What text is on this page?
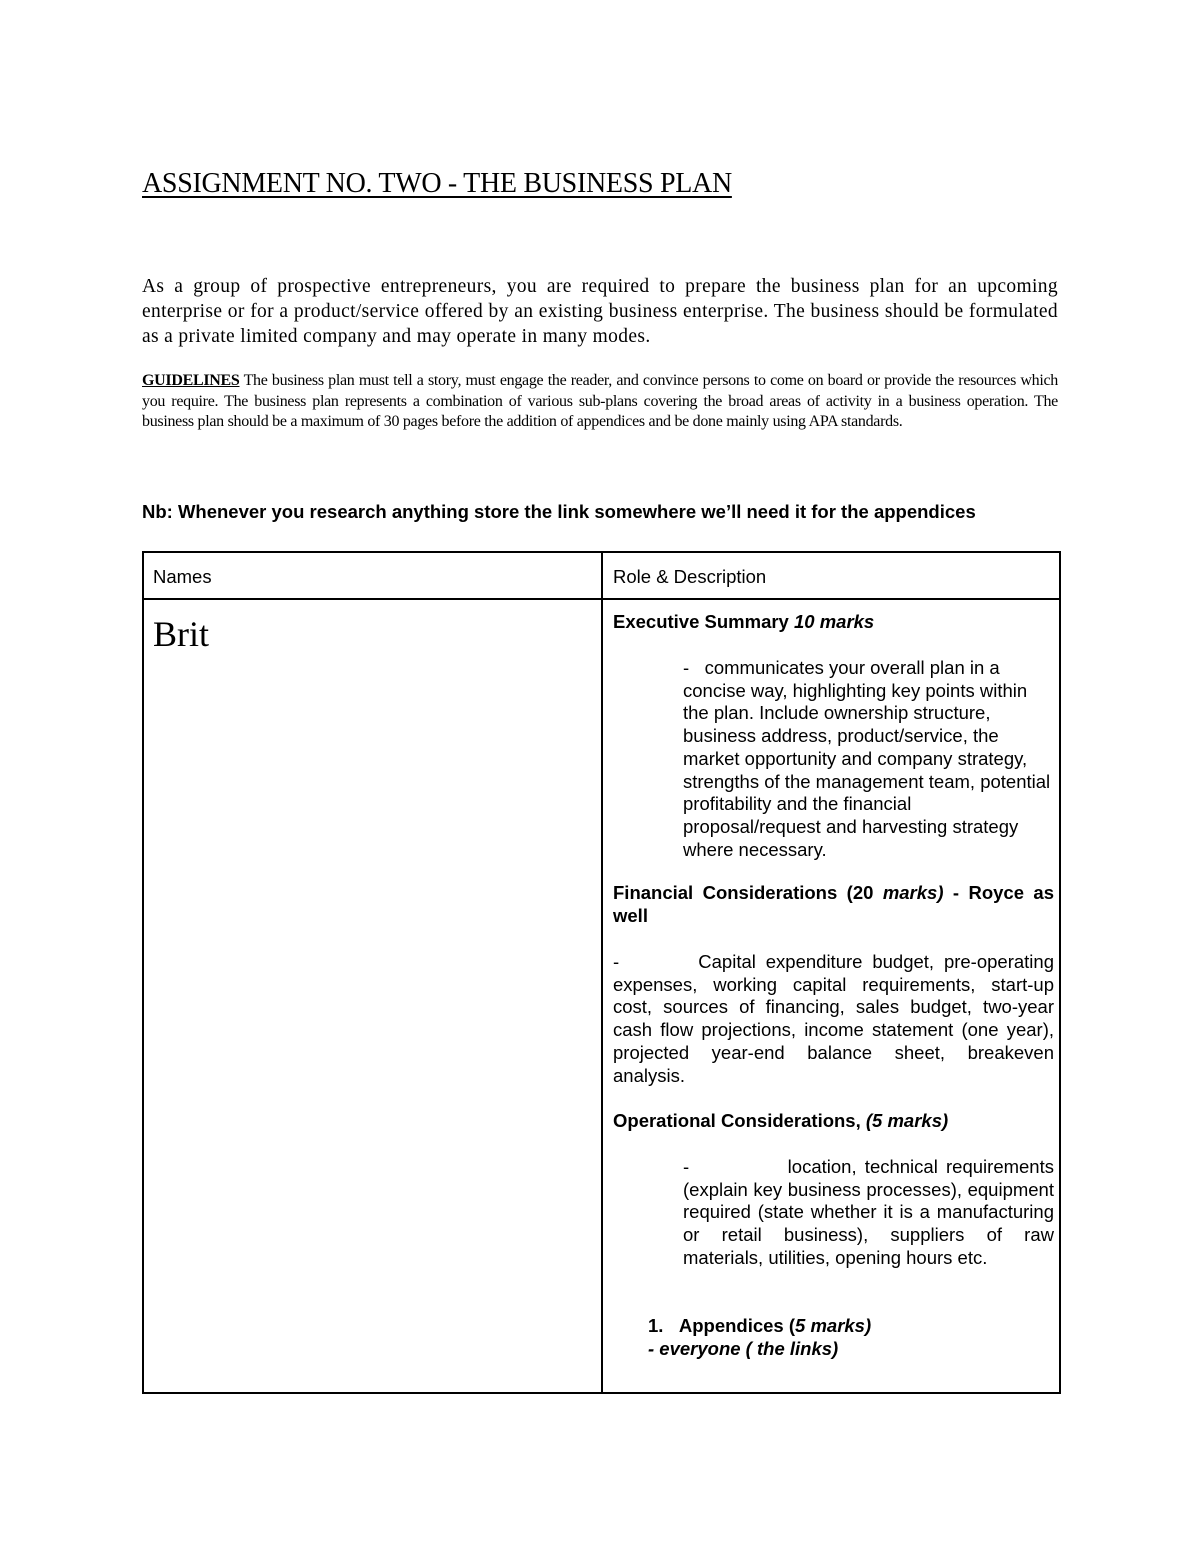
ASSIGNMENT NO. TWO - THE BUSINESS PLAN
As a group of prospective entrepreneurs, you are required to prepare the business plan for an upcoming enterprise or for a product/service offered by an existing business enterprise. The business should be formulated as a private limited company and may operate in many modes.
GUIDELINES The business plan must tell a story, must engage the reader, and convince persons to come on board or provide the resources which you require. The business plan represents a combination of various sub-plans covering the broad areas of activity in a business operation. The business plan should be a maximum of 30 pages before the addition of appendices and be done mainly using APA standards.
Nb: Whenever you research anything store the link somewhere we’ll need it for the appendices
Names	Role & Description
Brit	Executive Summary 10 marks
- communicates your overall plan in a concise way, highlighting key points within the plan. Include ownership structure, business address, product/service, the market opportunity and company strategy, strengths of the management team, potential profitability and the financial proposal/request and harvesting strategy where necessary.
Financial Considerations (20 marks) - Royce as well
-        Capital expenditure budget, pre-operating expenses, working capital requirements, start-up cost, sources of financing, sales budget, two-year cash flow projections, income statement (one year), projected year-end balance sheet, breakeven analysis.
Operational Considerations, (5 marks)
-            location, technical requirements (explain key business processes), equipment required (state whether it is a manufacturing or retail business), suppliers of raw materials, utilities, opening hours etc.
1. Appendices (5 marks)
- everyone ( the links)
